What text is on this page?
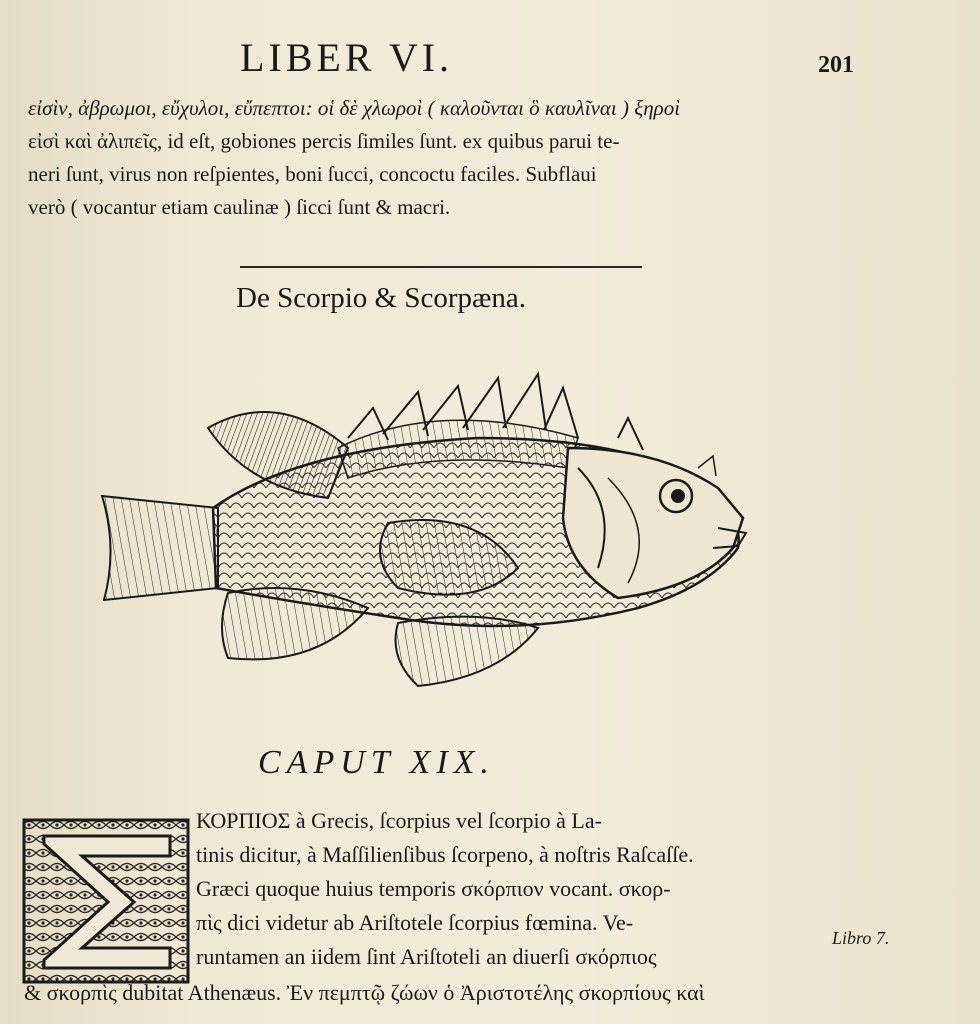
LIBER VI.	201
εἰσὶν, ἀβρωμοι, εὔχυλοι, εὔπεπτοι: οἱ δὲ χλωροὶ ( καλοῦνται ὃ καυλῖναι ) ξηροὶ
εἰσὶ καὶ ἀλιπεῖς, id eſt, gobiones percis ſimiles ſunt. ex quibus parui te-
neri ſunt, virus non reſpientes, boni ſucci, concoctu faciles. Subflaui
verò ( vocantur etiam caulinæ ) ſicci ſunt & macri.
De Scorpio & Scorpæna.
CAPUT XIX.
ΚΟΡΠΙΟΣ à Grecis, ſcorpius vel ſcorpio à La-
tinis dicitur, à Maſſilienſibus ſcorpeno, à noſtris Raſcaſſe.
Græci quoque huius temporis σκόρπιον vocant. σκορ-
πὶς dici videtur ab Ariſtotele ſcorpius fœmina. Ve-
runtamen an iidem ſint Ariſtoteli an diuerſi σκόρπιος
& σκορπὶς dubitat Athenæus. Ἐν πεμπτῷ ζώων ὁ Ἀριστοτέλης σκορπίους καὶ
Libro 7.
